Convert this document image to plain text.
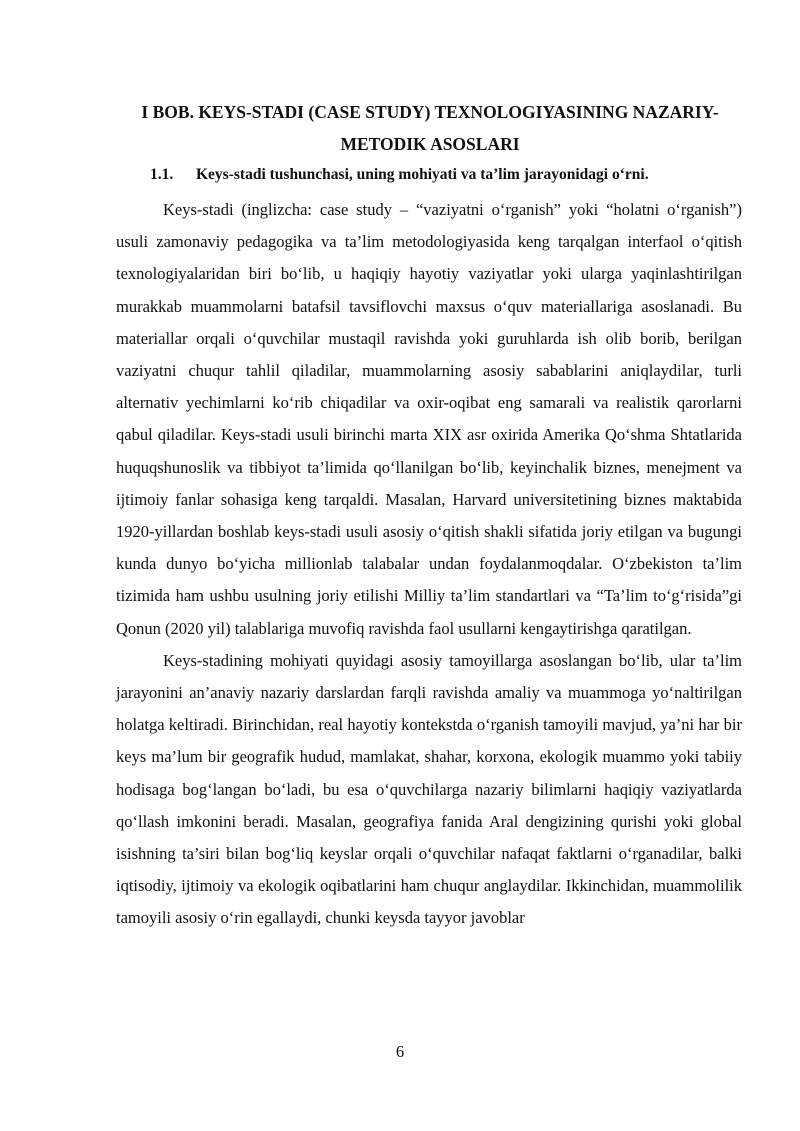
I BOB. KEYS-STADI (CASE STUDY) TEXNOLOGIYASINING NAZARIY-METODIK ASOSLARI
1.1. Keys-stadi tushunchasi, uning mohiyati va ta’lim jarayonidagi o‘rni.

Keys-stadi (inglizcha: case study – “vaziyatni o‘rganish” yoki “holatni o‘rganish”) usuli zamonaviy pedagogika va ta’lim metodologiyasida keng tarqalgan interfaol o‘qitish texnologiyalaridan biri bo‘lib, u haqiqiy hayotiy vaziyatlar yoki ularga yaqinlashtirilgan murakkab muammolarni batafsil tavsiflovchi maxsus o‘quv materiallariga asoslanadi. Bu materiallar orqali o‘quvchilar mustaqil ravishda yoki guruhlarda ish olib borib, berilgan vaziyatni chuqur tahlil qiladilar, muammolarning asosiy sabablarini aniqlaydilar, turli alternativ yechimlarni ko‘rib chiqadilar va oxir-oqibat eng samarali va realistik qarorlarni qabul qiladilar. Keys-stadi usuli birinchi marta XIX asr oxirida Amerika Qo‘shma Shtatlarida huquqshunoslik va tibbiyot ta’limida qo‘llanilgan bo‘lib, keyinchalik biznes, menejment va ijtimoiy fanlar sohasiga keng tarqaldi. Masalan, Harvard universitetining biznes maktabida 1920-yillardan boshlab keys-stadi usuli asosiy o‘qitish shakli sifatida joriy etilgan va bugungi kunda dunyo bo‘yicha millionlab talabalar undan foydalanmoqdalar. O‘zbekiston ta’lim tizimida ham ushbu usulning joriy etilishi Milliy ta’lim standartlari va “Ta’lim to‘g‘risida”gi Qonun (2020 yil) talablariga muvofiq ravishda faol usullarni kengaytirishga qaratilgan.

Keys-stadining mohiyati quyidagi asosiy tamoyillarga asoslangan bo‘lib, ular ta’lim jarayonini an’anaviy nazariy darslardan farqli ravishda amaliy va muammoga yo‘naltirilgan holatga keltiradi. Birinchidan, real hayotiy kontekstda o‘rganish tamoyili mavjud, ya’ni har bir keys ma’lum bir geografik hudud, mamlakat, shahar, korxona, ekologik muammo yoki tabiiy hodisaga bog‘langan bo‘ladi, bu esa o‘quvchilarga nazariy bilimlarni haqiqiy vaziyatlarda qo‘llash imkonini beradi. Masalan, geografiya fanida Aral dengizining qurishi yoki global isishning ta’siri bilan bog‘liq keyslar orqali o‘quvchilar nafaqat faktlarni o‘rganadilar, balki iqtisodiy, ijtimoiy va ekologik oqibatlarini ham chuqur anglaydilar. Ikkinchidan, muammolilik tamoyili asosiy o‘rin egallaydi, chunki keysda tayyor javoblar

6
